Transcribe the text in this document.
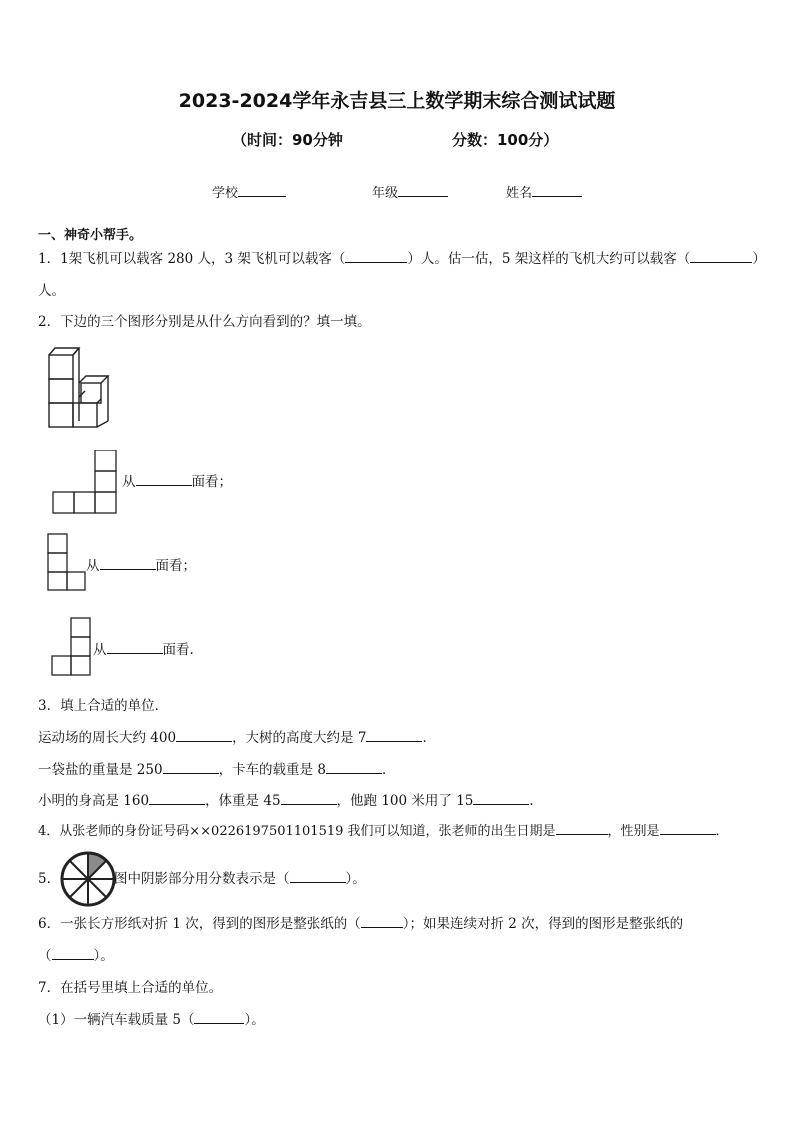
2023-2024学年永吉县三上数学期末综合测试试题
（时间：90分钟	分数：100分）
学校	年级	姓名
一、神奇小帮手。
1．1架飞机可以载客 280 人，3 架飞机可以载客（	）人。估一估，5 架这样的飞机大约可以载客（	）
人。
2．下边的三个图形分别是从什么方向看到的？填一填。
从	面看；
从	面看；
从	面看.
3．填上合适的单位．
运动场的周长大约 400	，大树的高度大约是 7	．
一袋盐的重量是 250	，卡车的载重是 8	．
小明的身高是 160	，体重是 45	，他跑 100 米用了 15	．
4．从张老师的身份证号码××0226197501101519 我们可以知道，张老师的出生日期是	，性别是	．
5．	图中阴影部分用分数表示是（	）。
6．一张长方形纸对折 1 次，得到的图形是整张纸的（	）；如果连续对折 2 次，得到的图形是整张纸的
（	）。
7．在括号里填上合适的单位。
（1）一辆汽车载质量 5（	）。
